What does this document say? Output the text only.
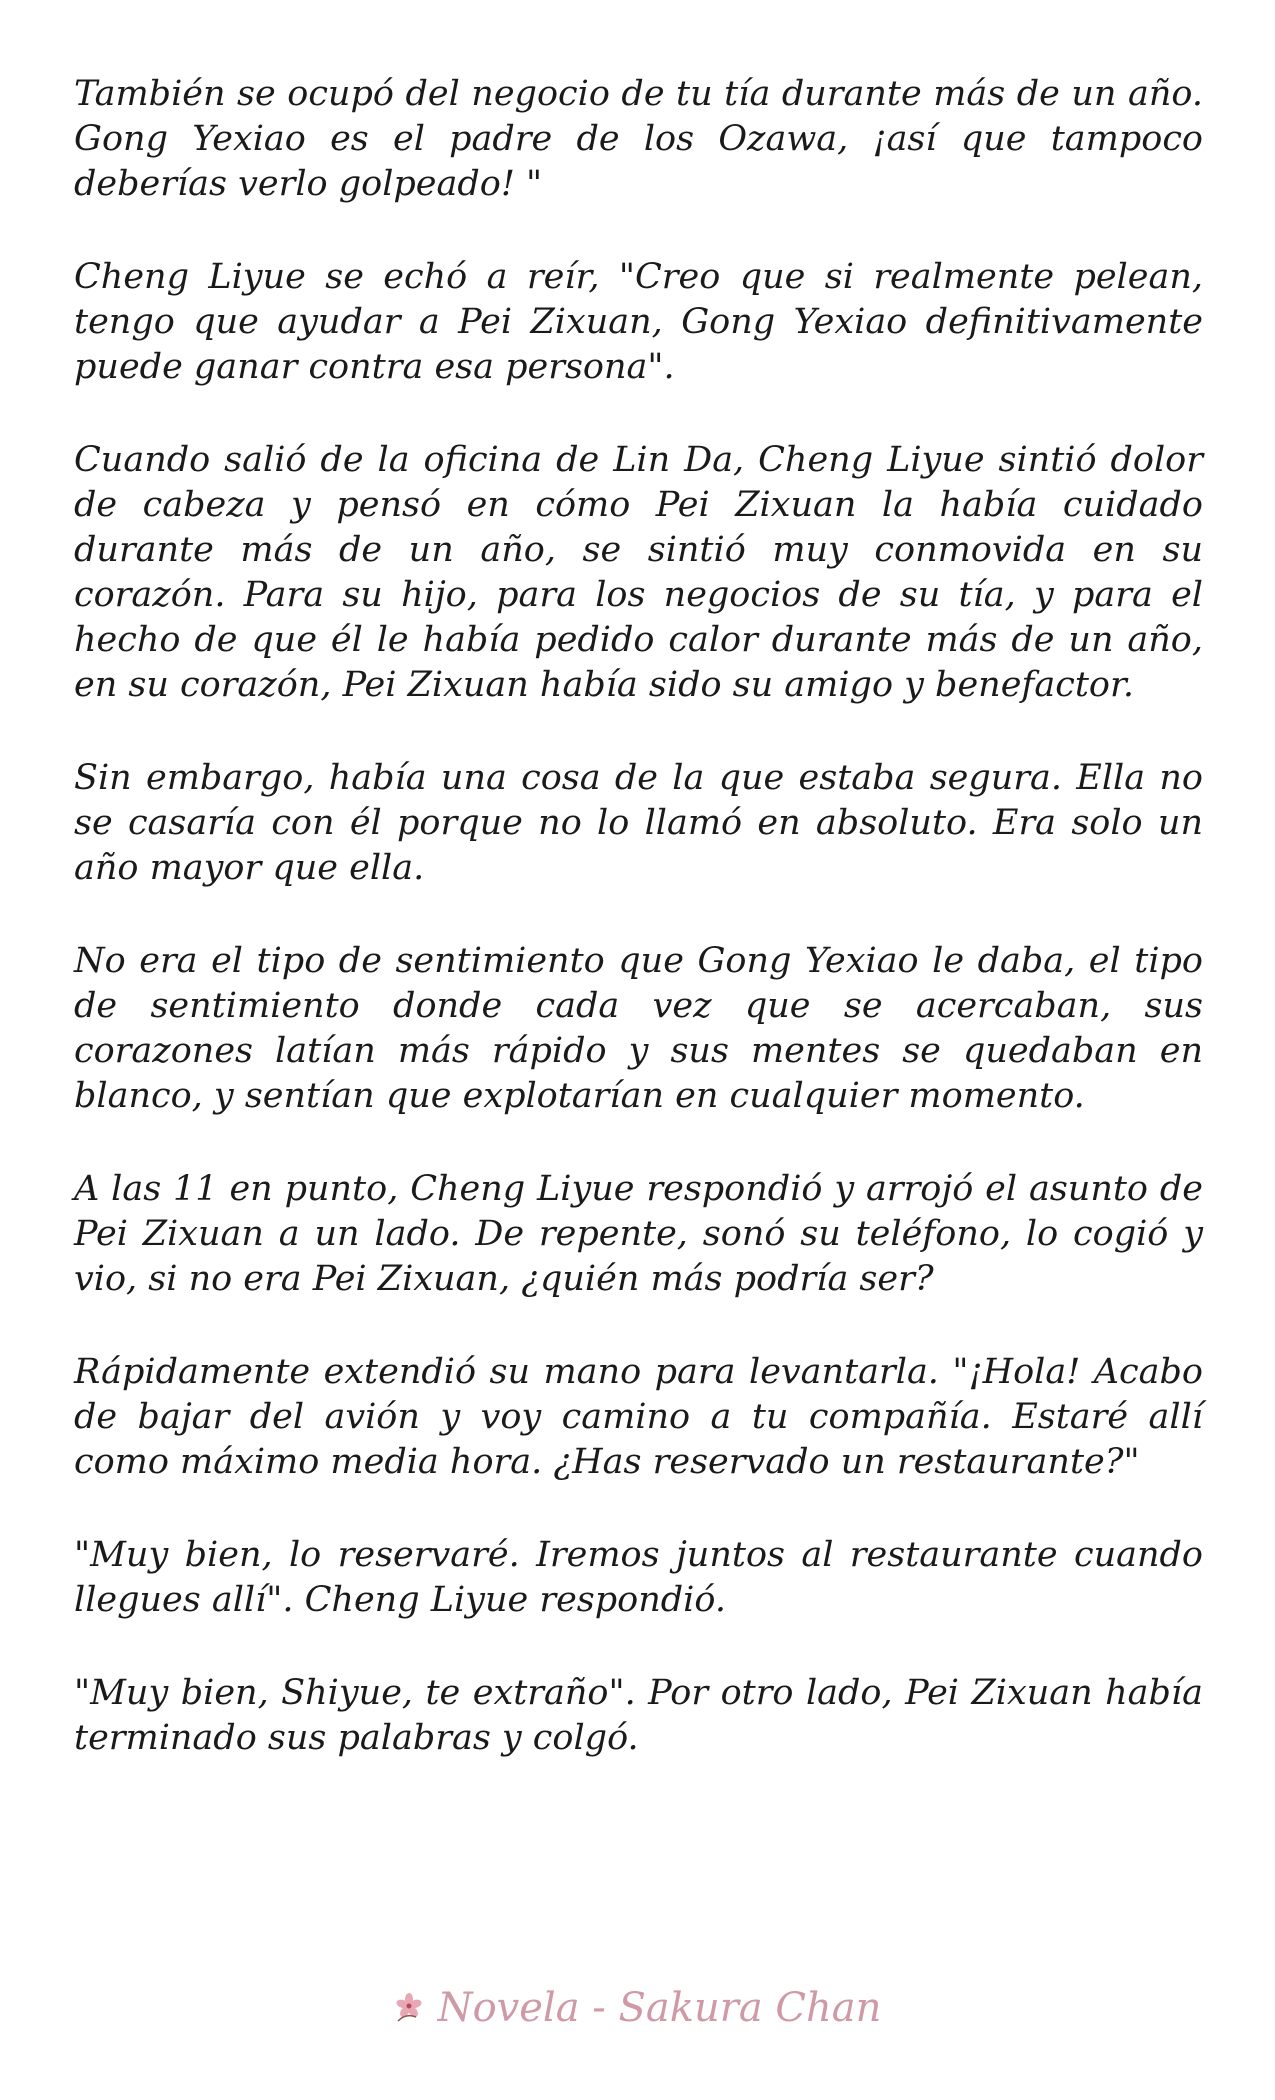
También se ocupó del negocio de tu tía durante más de un año. Gong Yexiao es el padre de los Ozawa, ¡así que tampoco deberías verlo golpeado! "

Cheng Liyue se echó a reír, "Creo que si realmente pelean, tengo que ayudar a Pei Zixuan, Gong Yexiao definitivamente puede ganar contra esa persona".

Cuando salió de la oficina de Lin Da, Cheng Liyue sintió dolor de cabeza y pensó en cómo Pei Zixuan la había cuidado durante más de un año, se sintió muy conmovida en su corazón. Para su hijo, para los negocios de su tía, y para el hecho de que él le había pedido calor durante más de un año, en su corazón, Pei Zixuan había sido su amigo y benefactor.

Sin embargo, había una cosa de la que estaba segura. Ella no se casaría con él porque no lo llamó en absoluto. Era solo un año mayor que ella.

No era el tipo de sentimiento que Gong Yexiao le daba, el tipo de sentimiento donde cada vez que se acercaban, sus corazones latían más rápido y sus mentes se quedaban en blanco, y sentían que explotarían en cualquier momento.

A las 11 en punto, Cheng Liyue respondió y arrojó el asunto de Pei Zixuan a un lado. De repente, sonó su teléfono, lo cogió y vio, si no era Pei Zixuan, ¿quién más podría ser?

Rápidamente extendió su mano para levantarla. "¡Hola! Acabo de bajar del avión y voy camino a tu compañía. Estaré allí como máximo media hora. ¿Has reservado un restaurante?"

"Muy bien, lo reservaré. Iremos juntos al restaurante cuando llegues allí". Cheng Liyue respondió.

"Muy bien, Shiyue, te extraño". Por otro lado, Pei Zixuan había terminado sus palabras y colgó.

Novela - Sakura Chan
